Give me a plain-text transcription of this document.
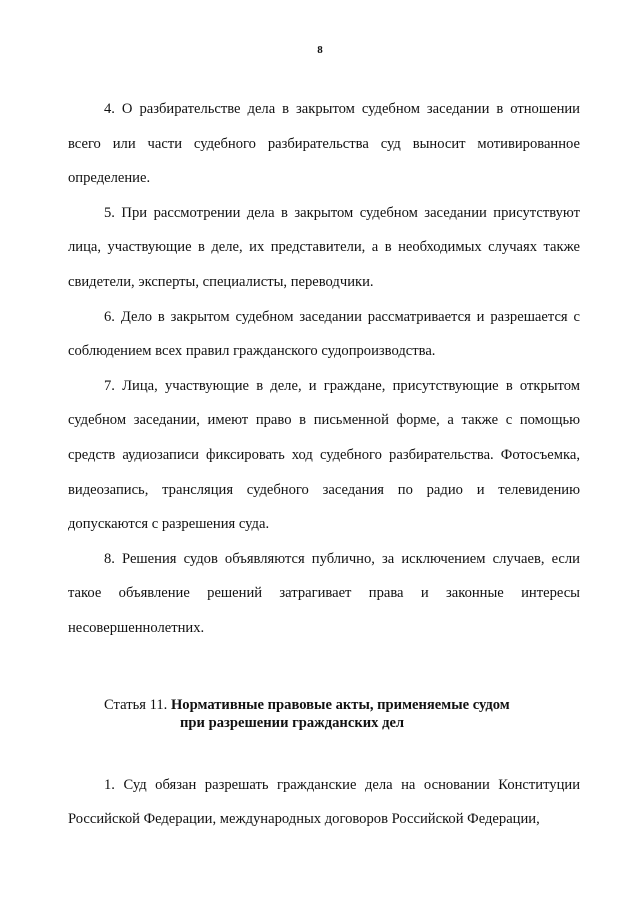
8

4. О разбирательстве дела в закрытом судебном заседании в отношении всего или части судебного разбирательства суд выносит мотивированное определение.

5. При рассмотрении дела в закрытом судебном заседании присутствуют лица, участвующие в деле, их представители, а в необходимых случаях также свидетели, эксперты, специалисты, переводчики.

6. Дело в закрытом судебном заседании рассматривается и разрешается с соблюдением всех правил гражданского судопроизводства.

7. Лица, участвующие в деле, и граждане, присутствующие в открытом судебном заседании, имеют право в письменной форме, а также с помощью средств аудиозаписи фиксировать ход судебного разбирательства. Фотосъемка, видеозапись, трансляция судебного заседания по радио и телевидению допускаются с разрешения суда.

8. Решения судов объявляются публично, за исключением случаев, если такое объявление решений затрагивает права и законные интересы несовершеннолетних.

Статья 11. Нормативные правовые акты, применяемые судом
при разрешении гражданских дел

1. Суд обязан разрешать гражданские дела на основании Конституции Российской Федерации, международных договоров Российской Федерации,
